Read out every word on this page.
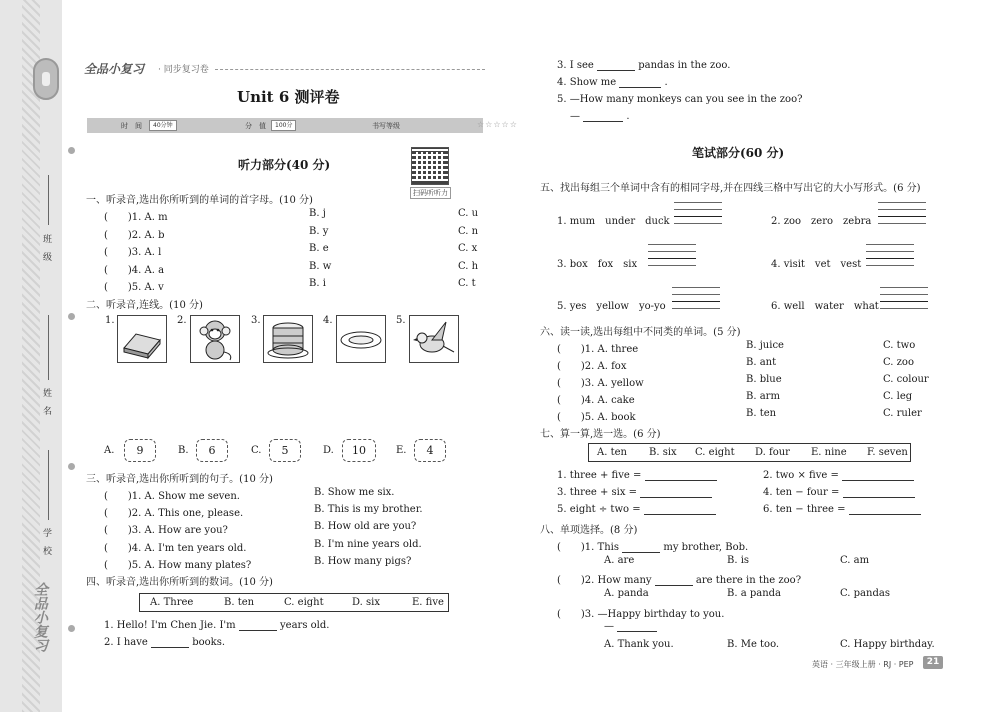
班　级
姓　名
学　校
全品小复习
全品小复习 · 同步复习卷
Unit 6 测评卷
时　间	40分钟	分　值	100分	书写等级	☆☆☆☆☆
听力部分(40 分)
扫码听听力
一、听录音,选出你所听到的单词的首字母。(10 分)
(　　)1. A. m	B. j	C. u
(　　)2. A. b	B. y	C. n
(　　)3. A. l	B. e	C. x
(　　)4. A. a	B. w	C. h
(　　)5. A. v	B. i	C. t
二、听录音,连线。(10 分)
1.	2.	3.	4.	5.
A.	9	B.	6	C.	5	D.	10	E.	4
三、听录音,选出你所听到的句子。(10 分)
(　　)1. A. Show me seven.	B. Show me six.
(　　)2. A. This one, please.	B. This is my brother.
(　　)3. A. How are you?	B. How old are you?
(　　)4. A. I'm ten years old.	B. I'm nine years old.
(　　)5. A. How many plates?	B. How many pigs?
四、听录音,选出你所听到的数词。(10 分)
A. Three	B. ten	C. eight	D. six	E. five
1. Hello! I'm Chen Jie. I'm	years old.
2. I have	books.
3. I see	pandas in the zoo.
4. Show me	.
5. —How many monkeys can you see in the zoo?
—	.
笔试部分(60 分)
五、找出每组三个单词中含有的相同字母,并在四线三格中写出它的大小写形式。(6 分)
1. mum　under　duck	2. zoo　zero　zebra
3. box　fox　six	4. visit　vet　vest
5. yes　yellow　yo-yo	6. well　water　what
六、读一读,选出每组中不同类的单词。(5 分)
(　　)1. A. three	B. juice	C. two
(　　)2. A. fox	B. ant	C. zoo
(　　)3. A. yellow	B. blue	C. colour
(　　)4. A. cake	B. arm	C. leg
(　　)5. A. book	B. ten	C. ruler
七、算一算,选一选。(6 分)
A. ten B. six C. eight D. four E. nine F. seven
1. three + five =	2. two × five =
3. three + six =	4. ten − four =
5. eight ÷ two =	6. ten − three =
八、单项选择。(8 分)
(　　)1. This	my brother, Bob.
A. are	B. is	C. am
(　　)2. How many	are there in the zoo?
A. panda	B. a panda	C. pandas
(　　)3. —Happy birthday to you.
—
A. Thank you.	B. Me too.	C. Happy birthday.
英语 · 三年级上册 · RJ · PEP	21
